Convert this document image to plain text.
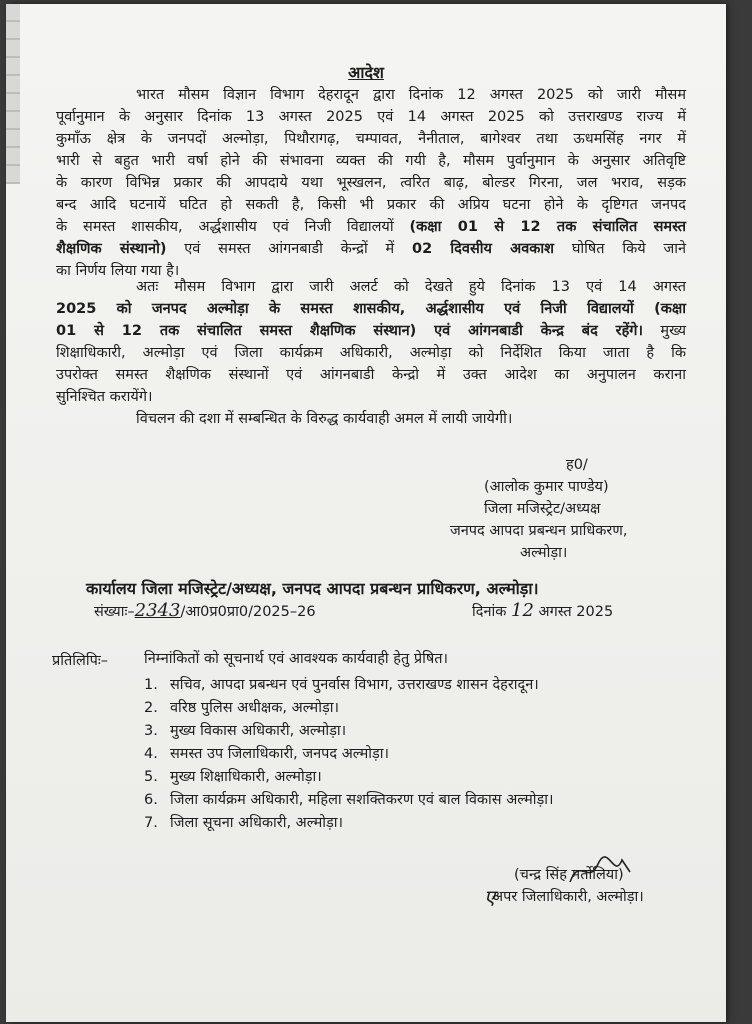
आदेश

भारत मौसम विज्ञान विभाग देहरादून द्वारा दिनांक 12 अगस्त 2025 को जारी मौसम

पूर्वानुमान के अनुसार दिनांक 13 अगस्त 2025 एवं 14 अगस्त 2025 को उत्तराखण्ड राज्य में

कुमाँऊ क्षेत्र के जनपदों अल्मोड़ा, पिथौरागढ़, चम्पावत, नैनीताल, बागेश्वर तथा ऊधमसिंह नगर में

भारी से बहुत भारी वर्षा होने की संभावना व्यक्त की गयी है, मौसम पुर्वानुमान के अनुसार अतिवृष्टि

के कारण विभिन्न प्रकार की आपदाये यथा भूस्खलन, त्वरित बाढ़, बोल्डर गिरना, जल भराव, सड़क

बन्द आदि घटनायें घटित हो सकती है, किसी भी प्रकार की अप्रिय घटना होने के दृष्टिगत जनपद

के समस्त शासकीय, अर्द्धशासीय एवं निजी विद्यालयों (कक्षा 01 से 12 तक संचालित समस्त

शैक्षणिक संस्थानो) एवं समस्त आंगनबाडी केन्द्रों में 02 दिवसीय अवकाश घोषित किये जाने

का निर्णय लिया गया है।

अतः मौसम विभाग द्वारा जारी अलर्ट को देखते हुये दिनांक 13 एवं 14 अगस्त

2025 को जनपद अल्मोड़ा के समस्त शासकीय, अर्द्धशासीय एवं निजी विद्यालयों (कक्षा

01 से 12 तक संचालित समस्त शैक्षणिक संस्थान) एवं आंगनबाडी केन्द्र बंद रहेंगे। मुख्य

शिक्षाधिकारी, अल्मोड़ा एवं जिला कार्यक्रम अधिकारी, अल्मोड़ा को निर्देशित किया जाता है कि

उपरोक्त समस्त शैक्षणिक संस्थानों एवं आंगनबाडी केन्द्रो में उक्त आदेश का अनुपालन कराना

सुनिश्चित करायेंगे।

विचलन की दशा में सम्बन्धित के विरुद्ध कार्यवाही अमल में लायी जायेगी।

ह0/
(आलोक कुमार पाण्डेय)
जिला मजिस्ट्रेट/अध्यक्ष
जनपद आपदा प्रबन्धन प्राधिकरण,
अल्मोड़ा।
कार्यालय जिला मजिस्ट्रेट/अध्यक्ष, जनपद आपदा प्रबन्धन प्राधिकरण, अल्मोड़ा।
संख्याः–2343/आ0प्र0प्रा0/2025–26	दिनांक 12 अगस्त 2025
प्रतिलिपिः– निम्नांकितों को सूचनार्थ एवं आवश्यक कार्यवाही हेतु प्रेषित।
1. सचिव, आपदा प्रबन्धन एवं पुनर्वास विभाग, उत्तराखण्ड शासन देहरादून।
2. वरिष्ठ पुलिस अधीक्षक, अल्मोड़ा।
3. मुख्य विकास अधिकारी, अल्मोड़ा।
4. समस्त उप जिलाधिकारी, जनपद अल्मोड़ा।
5. मुख्य शिक्षाधिकारी, अल्मोड़ा।
6. जिला कार्यक्रम अधिकारी, महिला सशक्तिकरण एवं बाल विकास अल्मोड़ा।
7. जिला सूचना अधिकारी, अल्मोड़ा।
(चन्द्र सिंह मर्तोलिया)
अपर जिलाधिकारी, अल्मोड़ा।
ए
